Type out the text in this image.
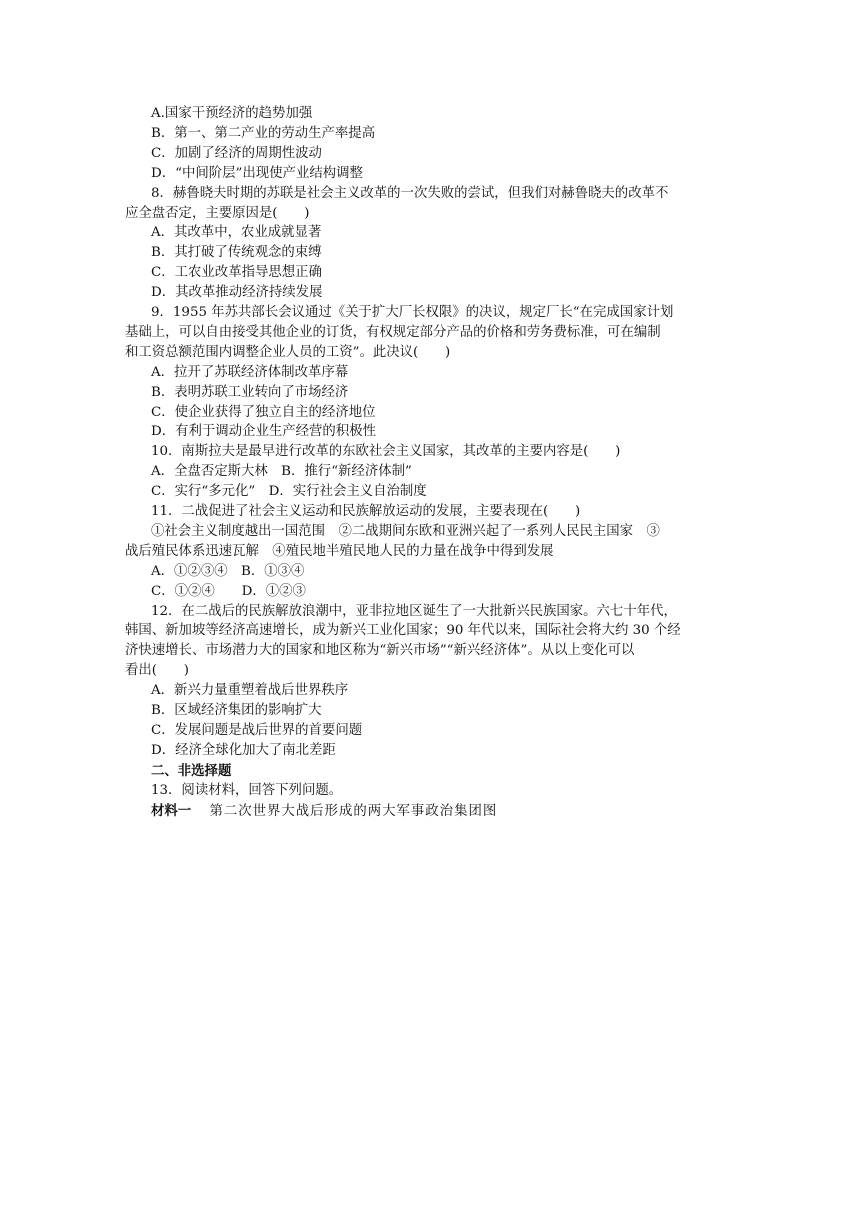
A.国家干预经济的趋势加强
B．第一、第二产业的劳动生产率提高
C．加剧了经济的周期性波动
D．“中间阶层”出现使产业结构调整
8．赫鲁晓夫时期的苏联是社会主义改革的一次失败的尝试，但我们对赫鲁晓夫的改革不
应全盘否定，主要原因是(　　)
A．其改革中，农业成就显著
B．其打破了传统观念的束缚
C．工农业改革指导思想正确
D．其改革推动经济持续发展
9．1955 年苏共部长会议通过《关于扩大厂长权限》的决议，规定厂长“在完成国家计划
基础上，可以自由接受其他企业的订货，有权规定部分产品的价格和劳务费标准，可在编制
和工资总额范围内调整企业人员的工资”。此决议(　　)
A．拉开了苏联经济体制改革序幕
B．表明苏联工业转向了市场经济
C．使企业获得了独立自主的经济地位
D．有利于调动企业生产经营的积极性
10．南斯拉夫是最早进行改革的东欧社会主义国家，其改革的主要内容是(　　)
A．全盘否定斯大林　B．推行“新经济体制”
C．实行“多元化”　D．实行社会主义自治制度
11．二战促进了社会主义运动和民族解放运动的发展，主要表现在(　　)
①社会主义制度越出一国范围　②二战期间东欧和亚洲兴起了一系列人民民主国家　③
战后殖民体系迅速瓦解　④殖民地半殖民地人民的力量在战争中得到发展
A．①②③④　B．①③④
C．①②④　　D．①②③
12．在二战后的民族解放浪潮中，亚非拉地区诞生了一大批新兴民族国家。六七十年代，
韩国、新加坡等经济高速增长，成为新兴工业化国家；90 年代以来，国际社会将大约 30 个经
济快速增长、市场潜力大的国家和地区称为“新兴市场”“新兴经济体”。从以上变化可以
看出(　　)
A．新兴力量重塑着战后世界秩序
B．区域经济集团的影响扩大
C．发展问题是战后世界的首要问题
D．经济全球化加大了南北差距
二、非选择题
13．阅读材料，回答下列问题。
材料一 第二次世界大战后形成的两大军事政治集团图
